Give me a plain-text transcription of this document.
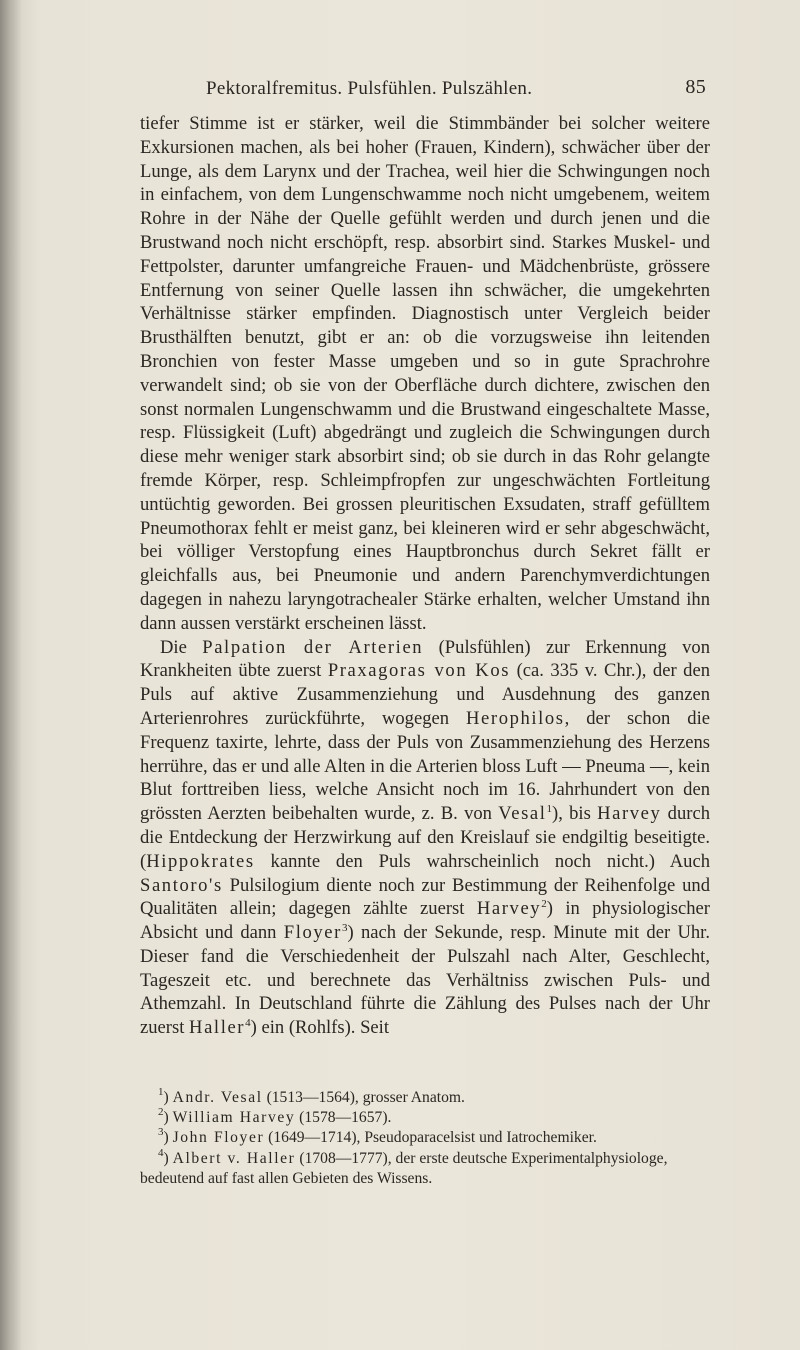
Pektoralfremitus. Pulsfühlen. Pulszählen.	85

tiefer Stimme ist er stärker, weil die Stimmbänder bei solcher weitere Exkursionen machen, als bei hoher (Frauen, Kindern), schwächer über der Lunge, als dem Larynx und der Trachea, weil hier die Schwingungen noch in einfachem, von dem Lungenschwamme noch nicht umgebenem, weitem Rohre in der Nähe der Quelle gefühlt werden und durch jenen und die Brustwand noch nicht erschöpft, resp. absorbirt sind. Starkes Muskel- und Fettpolster, darunter umfangreiche Frauen- und Mädchenbrüste, grössere Entfernung von seiner Quelle lassen ihn schwächer, die umgekehrten Verhältnisse stärker empfinden. Diagnostisch unter Vergleich beider Brusthälften benutzt, gibt er an: ob die vorzugsweise ihn leitenden Bronchien von fester Masse umgeben und so in gute Sprachrohre verwandelt sind; ob sie von der Oberfläche durch dichtere, zwischen den sonst normalen Lungenschwamm und die Brustwand eingeschaltete Masse, resp. Flüssigkeit (Luft) abgedrängt und zugleich die Schwingungen durch diese mehr weniger stark absorbirt sind; ob sie durch in das Rohr gelangte fremde Körper, resp. Schleimpfropfen zur ungeschwächten Fortleitung untüchtig geworden. Bei grossen pleuritischen Exsudaten, straff gefülltem Pneumothorax fehlt er meist ganz, bei kleineren wird er sehr abgeschwächt, bei völliger Verstopfung eines Hauptbronchus durch Sekret fällt er gleichfalls aus, bei Pneumonie und andern Parenchymverdichtungen dagegen in nahezu laryngotrachealer Stärke erhalten, welcher Umstand ihn dann aussen verstärkt erscheinen lässt.

Die Palpation der Arterien (Pulsfühlen) zur Erkennung von Krankheiten übte zuerst Praxagoras von Kos (ca. 335 v. Chr.), der den Puls auf aktive Zusammenziehung und Ausdehnung des ganzen Arterienrohres zurückführte, wogegen Herophilos, der schon die Frequenz taxirte, lehrte, dass der Puls von Zusammenziehung des Herzens herrühre, das er und alle Alten in die Arterien bloss Luft — Pneuma —, kein Blut forttreiben liess, welche Ansicht noch im 16. Jahrhundert von den grössten Aerzten beibehalten wurde, z. B. von Vesal$^1$), bis Harvey durch die Entdeckung der Herzwirkung auf den Kreislauf sie endgiltig beseitigte. (Hippokrates kannte den Puls wahrscheinlich noch nicht.) Auch Santoro's Pulsilogium diente noch zur Bestimmung der Reihenfolge und Qualitäten allein; dagegen zählte zuerst Harvey$^2$) in physiologischer Absicht und dann Floyer$^3$) nach der Sekunde, resp. Minute mit der Uhr. Dieser fand die Verschiedenheit der Pulszahl nach Alter, Geschlecht, Tageszeit etc. und berechnete das Verhältniss zwischen Puls- und Athemzahl. In Deutschland führte die Zählung des Pulses nach der Uhr zuerst Haller$^4$) ein (Rohlfs). Seit

$^1$) Andr. Vesal (1513—1564), grosser Anatom.

$^2$) William Harvey (1578—1657).

$^3$) John Floyer (1649—1714), Pseudoparacelsist und Iatrochemiker.

$^4$) Albert v. Haller (1708—1777), der erste deutsche Experimentalphysiologe, bedeutend auf fast allen Gebieten des Wissens.
